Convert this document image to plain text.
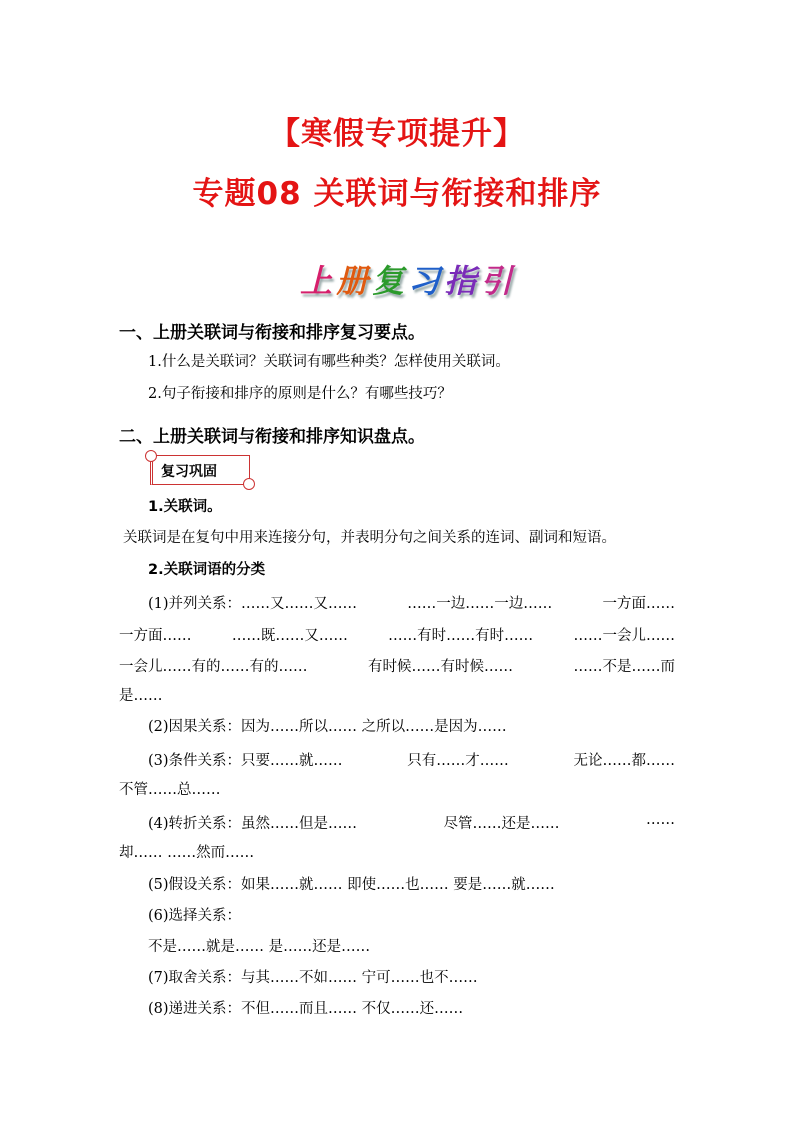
【寒假专项提升】
专题08 关联词与衔接和排序
上 册 复 习 指 引
一、上册关联词与衔接和排序复习要点。
1.什么是关联词？关联词有哪些种类？怎样使用关联词。
2.句子衔接和排序的原则是什么？有哪些技巧？
二、上册关联词与衔接和排序知识盘点。
复习巩固
1.关联词。
关联词是在复句中用来连接分句，并表明分句之间关系的连词、副词和短语。
2.关联词语的分类
(1)并列关系：……又……又……	……一边……一边……	一方面……
一方面……	……既……又……	……有时……有时……	……一会儿……
一会儿……有的……有的……	有时候……有时候……	……不是……而
是……
(2)因果关系：因为……所以…… 之所以……是因为……
(3)条件关系：只要……就……	只有……才……	无论……都……
不管……总……
(4)转折关系：虽然……但是……	尽管……还是……	……
却…… ……然而……
(5)假设关系：如果……就…… 即使……也…… 要是……就……
(6)选择关系：
不是……就是…… 是……还是……
(7)取舍关系：与其……不如…… 宁可……也不……
(8)递进关系：不但……而且…… 不仅……还……
